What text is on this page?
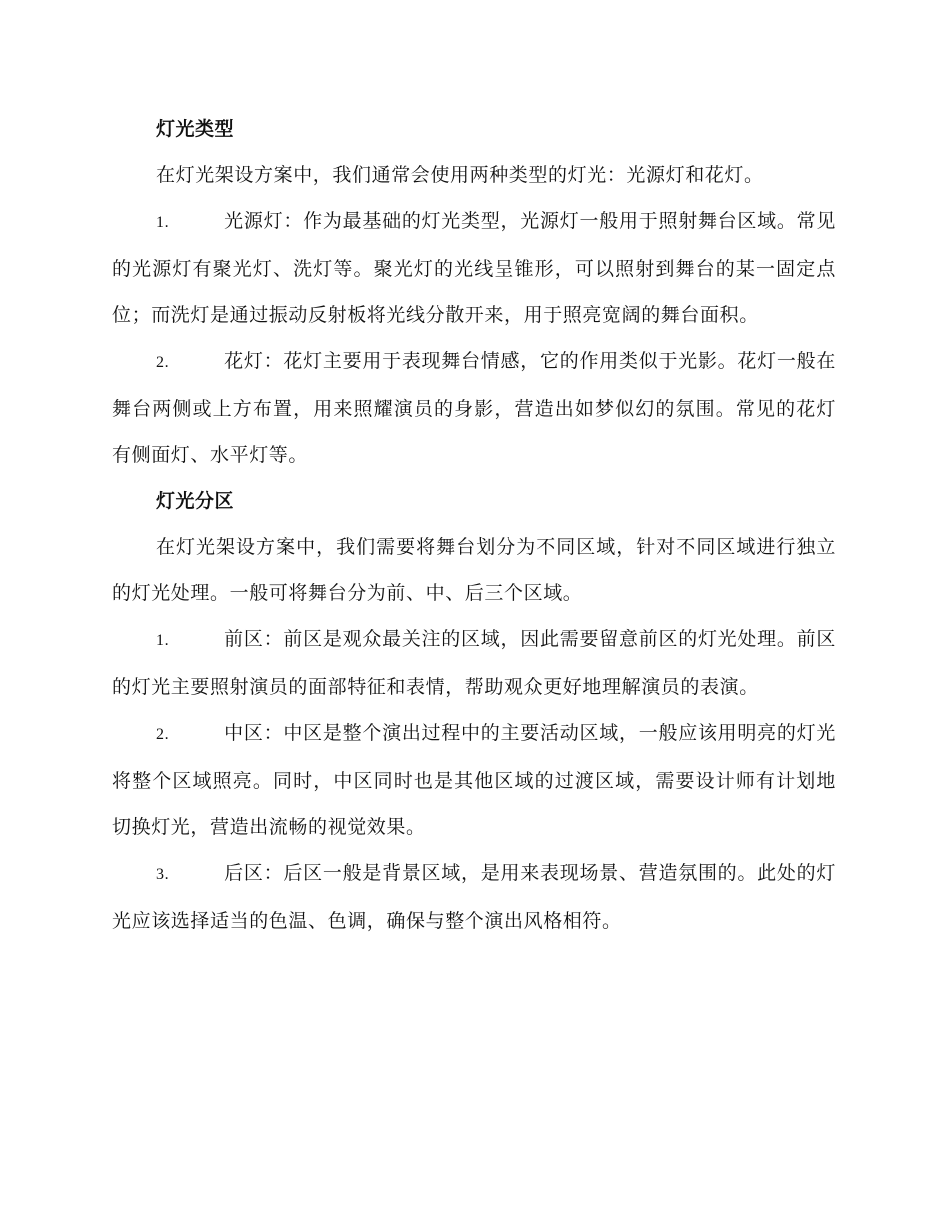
灯光类型

在灯光架设方案中，我们通常会使用两种类型的灯光：光源灯和花灯。

1.	光源灯：作为最基础的灯光类型，光源灯一般用于照射舞台区域。常见的光源灯有聚光灯、洗灯等。聚光灯的光线呈锥形，可以照射到舞台的某一固定点位；而洗灯是通过振动反射板将光线分散开来，用于照亮宽阔的舞台面积。

2.	花灯：花灯主要用于表现舞台情感，它的作用类似于光影。花灯一般在舞台两侧或上方布置，用来照耀演员的身影，营造出如梦似幻的氛围。常见的花灯有侧面灯、水平灯等。

灯光分区

在灯光架设方案中，我们需要将舞台划分为不同区域，针对不同区域进行独立的灯光处理。一般可将舞台分为前、中、后三个区域。

1.	前区：前区是观众最关注的区域，因此需要留意前区的灯光处理。前区的灯光主要照射演员的面部特征和表情，帮助观众更好地理解演员的表演。

2.	中区：中区是整个演出过程中的主要活动区域，一般应该用明亮的灯光将整个区域照亮。同时，中区同时也是其他区域的过渡区域，需要设计师有计划地切换灯光，营造出流畅的视觉效果。

3.	后区：后区一般是背景区域，是用来表现场景、营造氛围的。此处的灯光应该选择适当的色温、色调，确保与整个演出风格相符。
